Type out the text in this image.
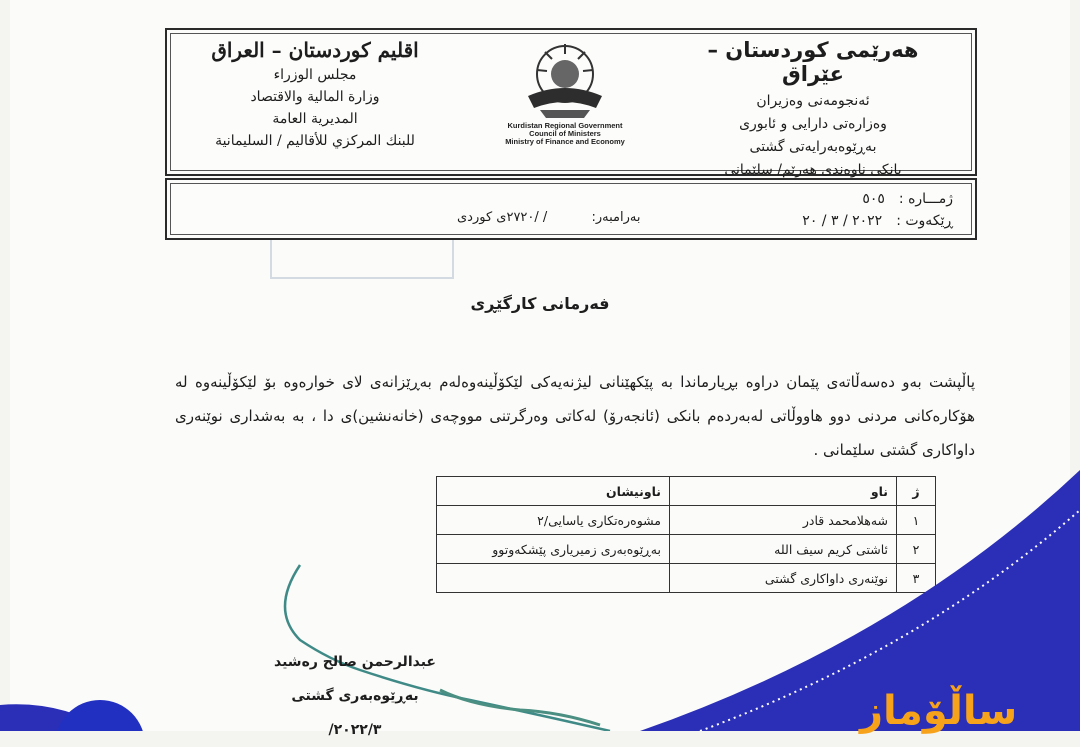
هەرێمی کوردستان – عێراق
ئەنجومەنی وەزیران
وەزارەتی دارایی و ئابوری
بەڕێوەبەرایەتی گشتی
بانکی ناوەندی هەرێم/ سلێمانی
Kurdistan Regional Government
Council of Ministers
Ministry of Finance and Economy
اقليم كوردستان – العراق
مجلس الوزراء
وزارة المالية والاقتصاد
المديرية العامة
للبنك المركزي للأقاليم / السليمانية
ژمـــاره :٥٠٥
ڕێکەوت :٢٠٢٢ / ٣ / ٢٠
بەرامبەر: / /٢٧٢٠ی کوردی
فەرمانی کارگێڕی
پاڵپشت بەو دەسەڵاتەی پێمان دراوە بڕیارماندا بە پێکهێنانی لیژنەیەکی لێکۆڵینەوەلەم بەڕێزانەی لای خوارەوە بۆ لێکۆڵینەوە لە هۆکارەکانی مردنی دوو هاووڵاتی لەبەردەم بانکی (ئانجەرۆ) لەکاتی وەرگرتنی مووچەی (خانەنشین)ی دا ، بە بەشداری نوێنەری داواکاری گشتی سلێمانی .
ژ	ناو	ناونیشان
١	شەهلامحمد قادر	مشوەرەتکاری یاسایی/٢
٢	ئاشتی کریم سیف الله	بەڕێوەبەری زمیریاری پێشکەوتوو
٣	نوێنەری داواکاری گشتی	
عبدالرحمن صالح رەشید
بەڕێوەبەری گشتی
٢٠٢٢/٣/	ساڵۆماز
